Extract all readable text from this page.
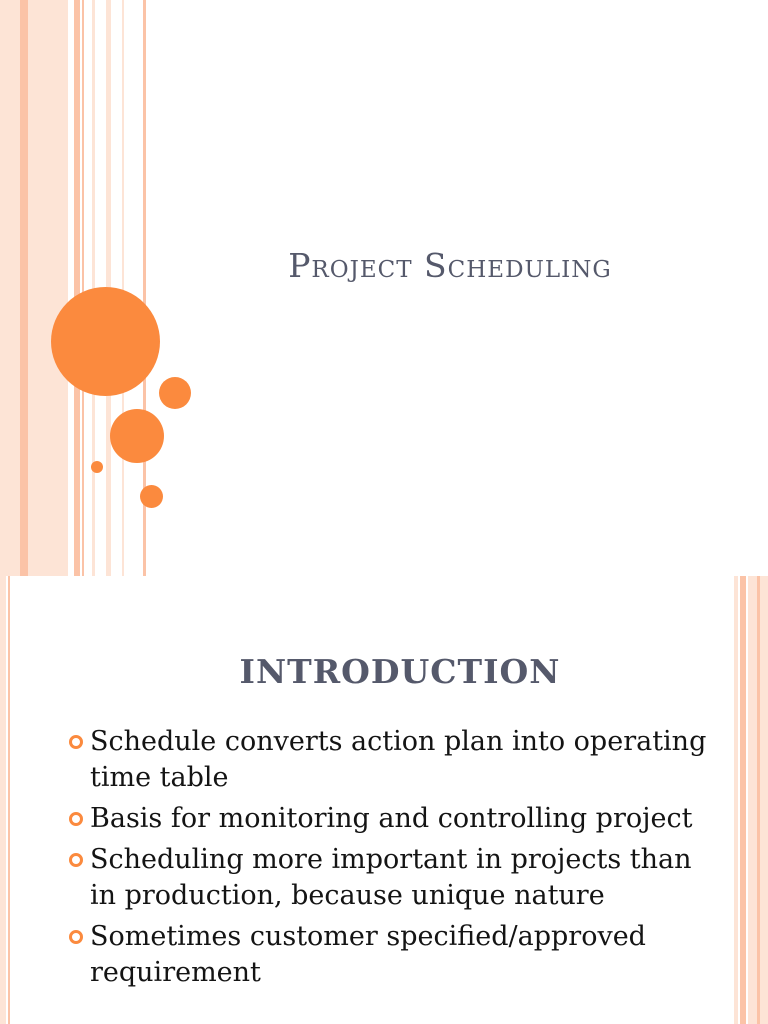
Project Scheduling
INTRODUCTION
Schedule converts action plan into operating time table
Basis for monitoring and controlling project
Scheduling more important in projects than in production, because unique nature
Sometimes customer specified/approved requirement
